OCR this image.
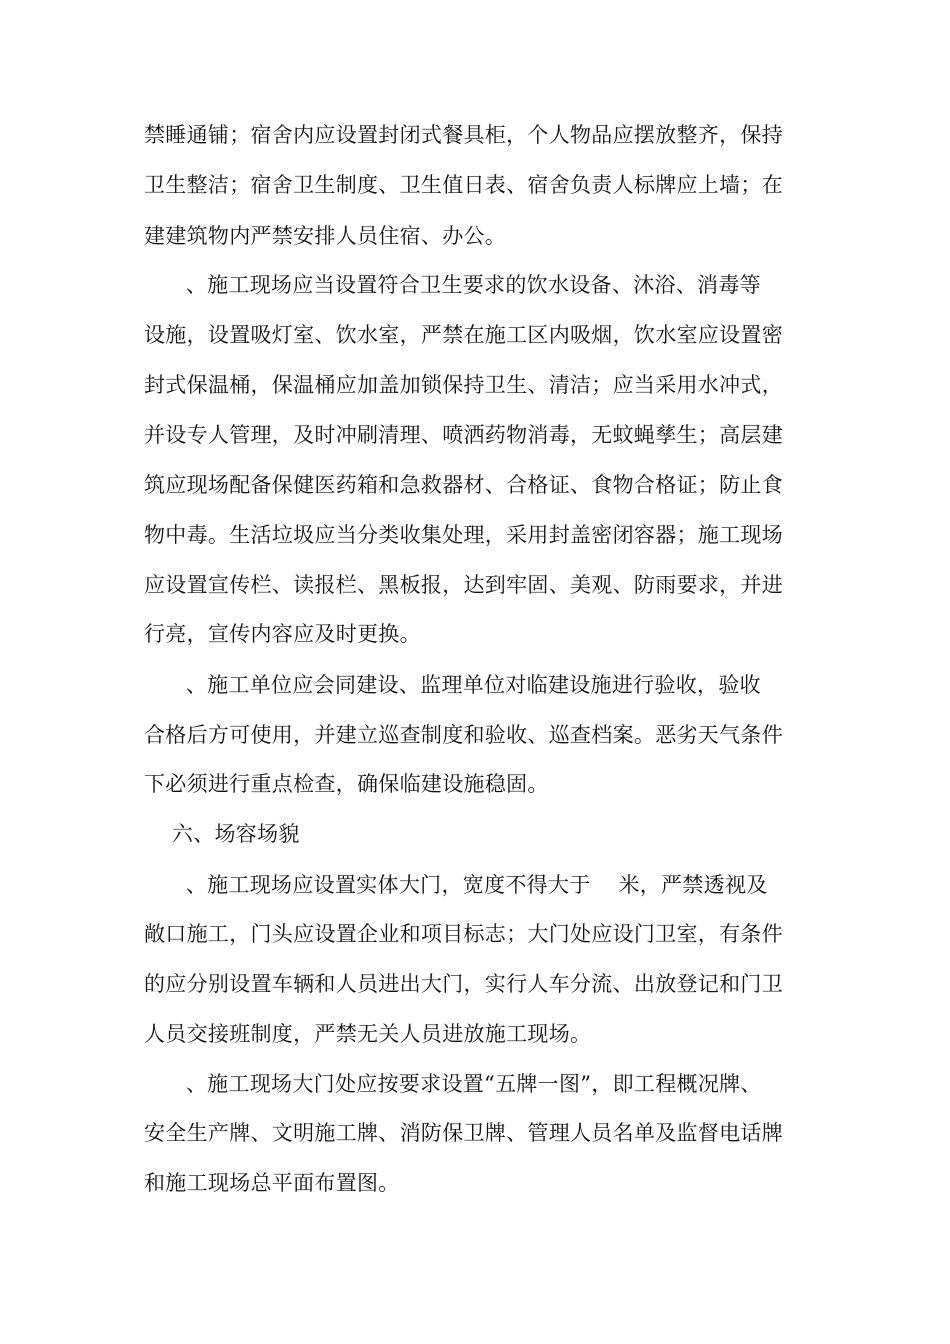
禁睡通铺；宿舍内应设置封闭式餐具柜，个人物品应摆放整齐，保持
卫生整洁；宿舍卫生制度、卫生值日表、宿舍负责人标牌应上墙；在
建建筑物内严禁安排人员住宿、办公。
、施工现场应当设置符合卫生要求的饮水设备、沐浴、消毒等
设施，设置吸灯室、饮水室，严禁在施工区内吸烟，饮水室应设置密
封式保温桶，保温桶应加盖加锁保持卫生、清洁；应当采用水冲式，
并设专人管理，及时冲刷清理、喷洒药物消毒，无蚊蝇孳生；高层建
筑应现场配备保健医药箱和急救器材、合格证、食物合格证；防止食
物中毒。生活垃圾应当分类收集处理，采用封盖密闭容器；施工现场
应设置宣传栏、读报栏、黑板报，达到牢固、美观、防雨要求，并进
行亮，宣传内容应及时更换。
、施工单位应会同建设、监理单位对临建设施进行验收，验收
合格后方可使用，并建立巡查制度和验收、巡查档案。恶劣天气条件
下必须进行重点检查，确保临建设施稳固。
六、场容场貌
、施工现场应设置实体大门，宽度不得大于    米，严禁透视及
敞口施工，门头应设置企业和项目标志；大门处应设门卫室，有条件
的应分别设置车辆和人员进出大门，实行人车分流、出放登记和门卫
人员交接班制度，严禁无关人员进放施工现场。
、施工现场大门处应按要求设置“五牌一图”，即工程概况牌、
安全生产牌、文明施工牌、消防保卫牌、管理人员名单及监督电话牌
和施工现场总平面布置图。
